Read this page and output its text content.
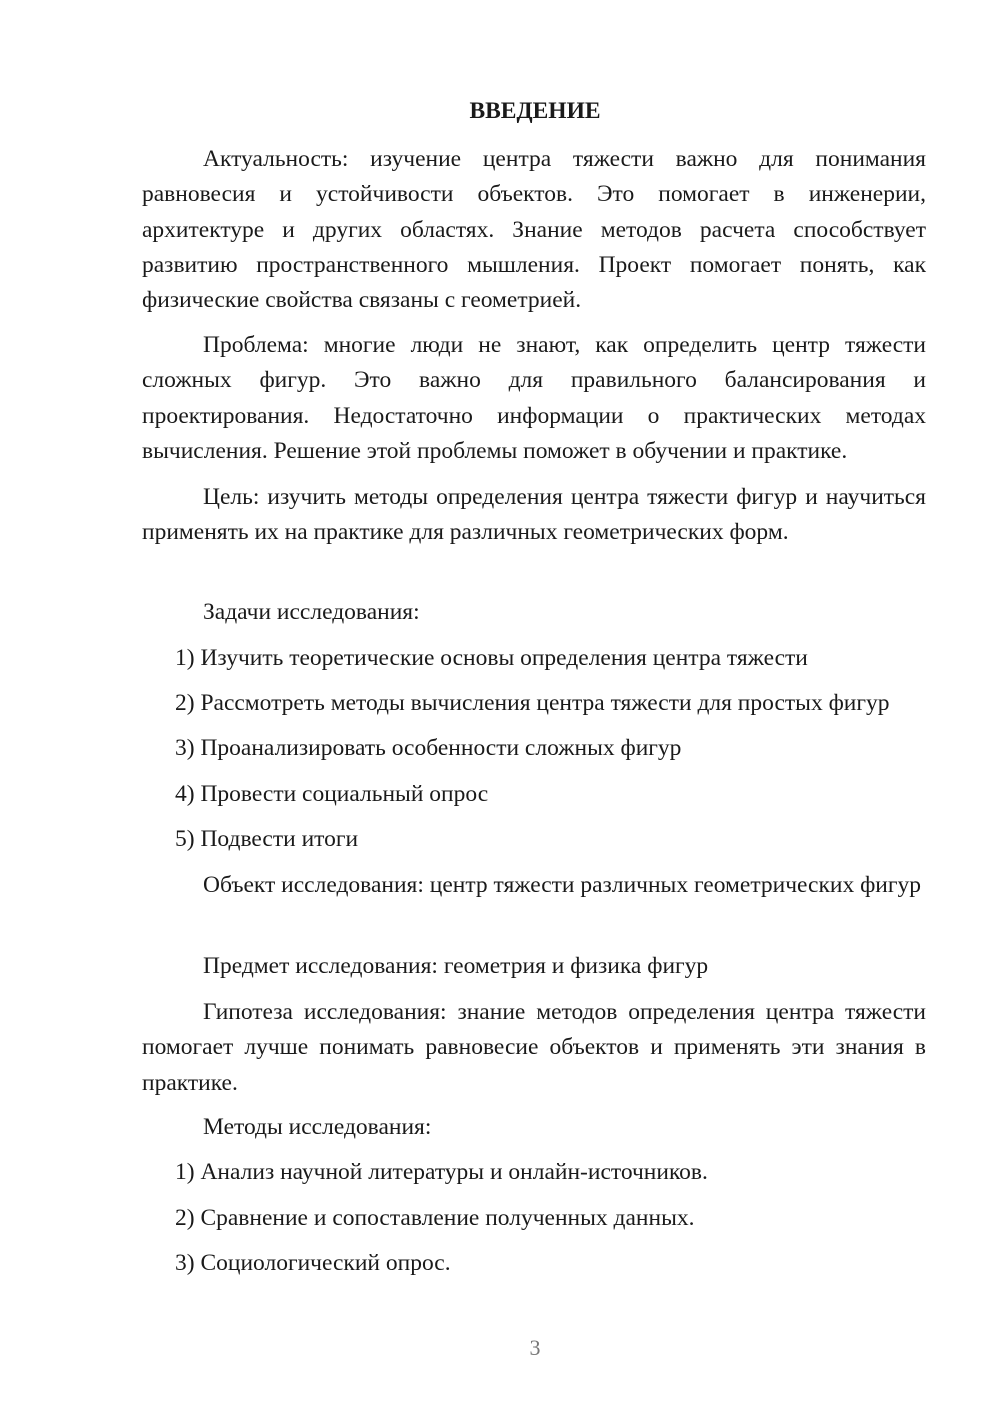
ВВЕДЕНИЕ

Актуальность: изучение центра тяжести важно для понимания равновесия и устойчивости объектов. Это помогает в инженерии, архитектуре и других областях. Знание методов расчета способствует развитию пространственного мышления. Проект помогает понять, как физические свойства связаны с геометрией.

Проблема: многие люди не знают, как определить центр тяжести сложных фигур. Это важно для правильного балансирования и проектирования. Недостаточно информации о практических методах вычисления. Решение этой проблемы поможет в обучении и практике.

Цель: изучить методы определения центра тяжести фигур и научиться применять их на практике для различных геометрических форм.

Задачи исследования:
1) Изучить теоретические основы определения центра тяжести
2) Рассмотреть методы вычисления центра тяжести для простых фигур
3) Проанализировать особенности сложных фигур
4) Провести социальный опрос
5) Подвести итоги

Объект исследования: центр тяжести различных геометрических фигур

Предмет исследования: геометрия и физика фигур

Гипотеза исследования: знание методов определения центра тяжести помогает лучше понимать равновесие объектов и применять эти знания в практике.

Методы исследования:
1) Анализ научной литературы и онлайн-источников.
2) Сравнение и сопоставление полученных данных.
3) Социологический опрос.
3
